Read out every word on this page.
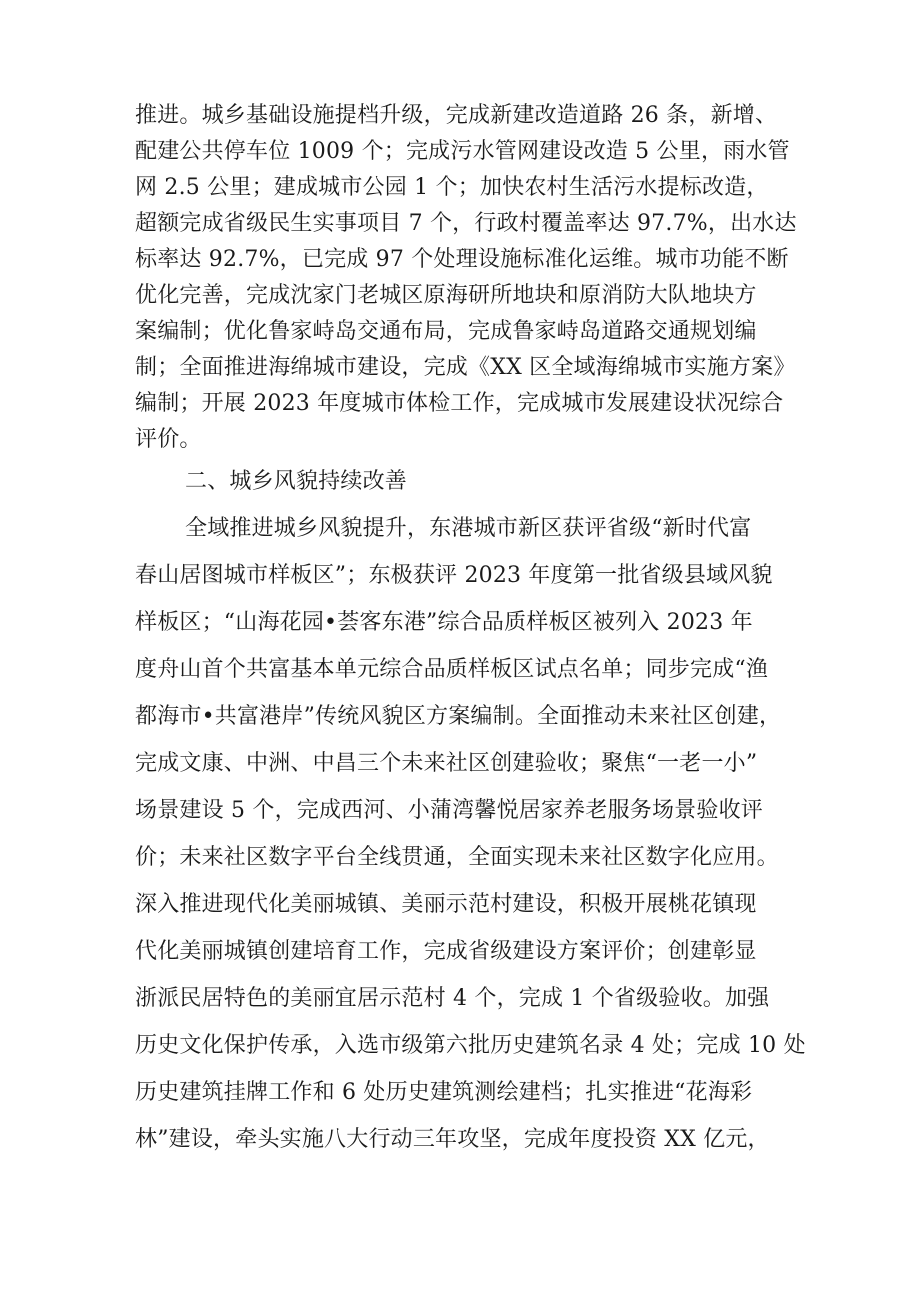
推进。城乡基础设施提档升级，完成新建改造道路 26 条，新增、
配建公共停车位 1009 个；完成污水管网建设改造 5 公里，雨水管
网 2.5 公里；建成城市公园 1 个；加快农村生活污水提标改造，
超额完成省级民生实事项目 7 个，行政村覆盖率达 97.7%，出水达
标率达 92.7%，已完成 97 个处理设施标准化运维。城市功能不断
优化完善，完成沈家门老城区原海研所地块和原消防大队地块方
案编制；优化鲁家峙岛交通布局，完成鲁家峙岛道路交通规划编
制；全面推进海绵城市建设，完成《XX 区全域海绵城市实施方案》
编制；开展 2023 年度城市体检工作，完成城市发展建设状况综合
评价。
二、城乡风貌持续改善
全域推进城乡风貌提升，东港城市新区获评省级“新时代富
春山居图城市样板区”；东极获评 2023 年度第一批省级县域风貌
样板区；“山海花园•荟客东港”综合品质样板区被列入 2023 年
度舟山首个共富基本单元综合品质样板区试点名单；同步完成“渔
都海市•共富港岸”传统风貌区方案编制。全面推动未来社区创建，
完成文康、中洲、中昌三个未来社区创建验收；聚焦“一老一小”
场景建设 5 个，完成西河、小蒲湾馨悦居家养老服务场景验收评
价；未来社区数字平台全线贯通，全面实现未来社区数字化应用。
深入推进现代化美丽城镇、美丽示范村建设，积极开展桃花镇现
代化美丽城镇创建培育工作，完成省级建设方案评价；创建彰显
浙派民居特色的美丽宜居示范村 4 个，完成 1 个省级验收。加强
历史文化保护传承，入选市级第六批历史建筑名录 4 处；完成 10 处
历史建筑挂牌工作和 6 处历史建筑测绘建档；扎实推进“花海彩
林”建设，牵头实施八大行动三年攻坚，完成年度投资 XX 亿元，
